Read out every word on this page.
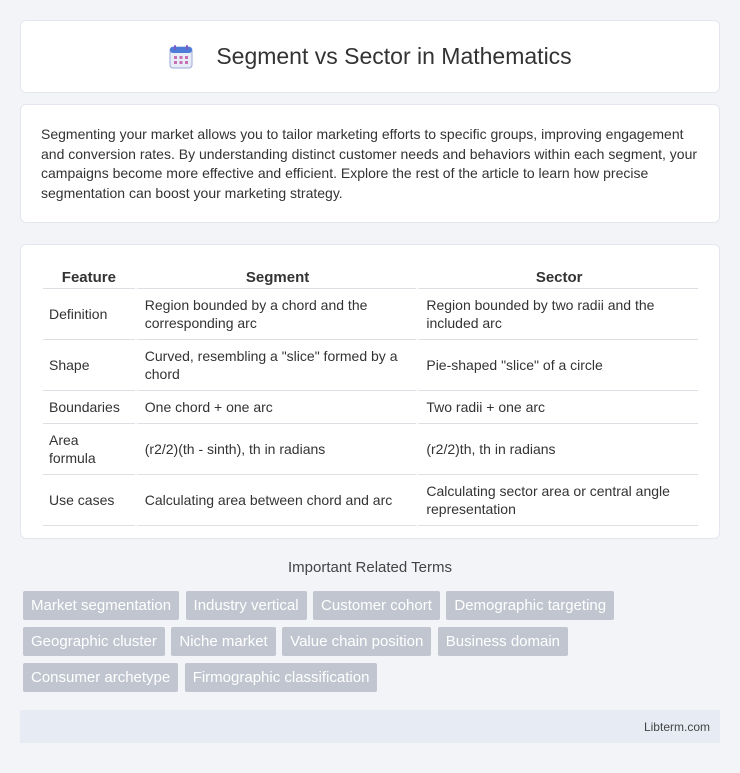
Segment vs Sector in Mathematics
Segmenting your market allows you to tailor marketing efforts to specific groups, improving engagement and conversion rates. By understanding distinct customer needs and behaviors within each segment, your campaigns become more effective and efficient. Explore the rest of the article to learn how precise segmentation can boost your marketing strategy.
Feature	Segment	Sector
Definition	Region bounded by a chord and the corresponding arc	Region bounded by two radii and the included arc
Shape	Curved, resembling a "slice" formed by a chord	Pie-shaped "slice" of a circle
Boundaries	One chord + one arc	Two radii + one arc
Area formula	(r2/2)(th - sinth), th in radians	(r2/2)th, th in radians
Use cases	Calculating area between chord and arc	Calculating sector area or central angle representation
Important Related Terms
Market segmentation Industry vertical Customer cohort Demographic targeting Geographic cluster Niche market Value chain position Business domain Consumer archetype Firmographic classification
Libterm.com
